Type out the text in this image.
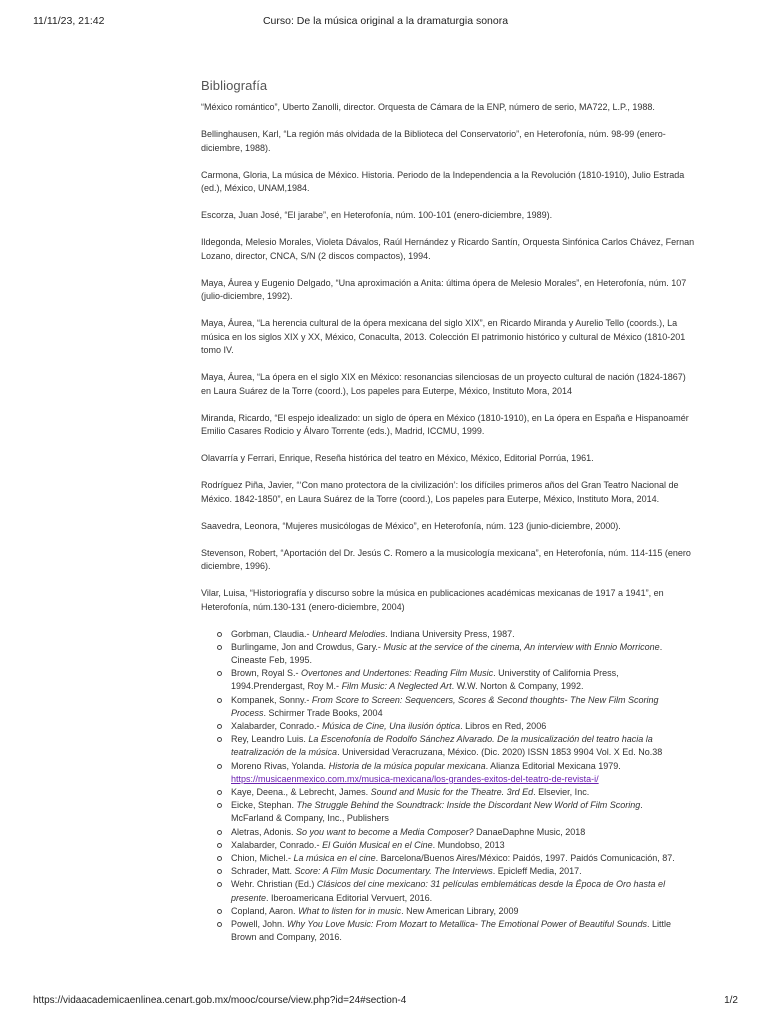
11/11/23, 21:42	Curso: De la música original a la dramaturgia sonora
Bibliografía

“México romántico”, Uberto Zanolli, director. Orquesta de Cámara de la ENP, número de serio, MA722, L.P., 1988.

Bellinghausen, Karl, “La región más olvidada de la Biblioteca del Conservatorio”, en Heterofonía, núm. 98-99 (enero-
diciembre, 1988).

Carmona, Gloria, La música de México. Historia. Periodo de la Independencia a la Revolución (1810-1910), Julio Estrada
(ed.), México, UNAM,1984.

Escorza, Juan José, “El jarabe”, en Heterofonía, núm. 100-101 (enero-diciembre, 1989).

Ildegonda, Melesio Morales, Violeta Dávalos, Raúl Hernández y Ricardo Santín, Orquesta Sinfónica Carlos Chávez, Fernan
Lozano, director, CNCA, S/N (2 discos compactos), 1994.

Maya, Áurea y Eugenio Delgado, “Una aproximación a Anita: última ópera de Melesio Morales”, en Heterofonía, núm. 107
(julio-diciembre, 1992).

Maya, Áurea, “La herencia cultural de la ópera mexicana del siglo XIX”, en Ricardo Miranda y Aurelio Tello (coords.), La
música en los siglos XIX y XX, México, Conaculta, 2013. Colección El patrimonio histórico y cultural de México (1810-201
tomo IV.

Maya, Áurea, “La ópera en el siglo XIX en México: resonancias silenciosas de un proyecto cultural de nación (1824-1867)
en Laura Suárez de la Torre (coord.), Los papeles para Euterpe, México, Instituto Mora, 2014

Miranda, Ricardo, “El espejo idealizado: un siglo de ópera en México (1810-1910), en La ópera en España e Hispanoamér
Emilio Casares Rodicio y Álvaro Torrente (eds.), Madrid, ICCMU, 1999.

Olavarría y Ferrari, Enrique, Reseña histórica del teatro en México, México, Editorial Porrúa, 1961.

Rodríguez Piña, Javier, “‘Con mano protectora de la civilización’: los difíciles primeros años del Gran Teatro Nacional de
México. 1842-1850”, en Laura Suárez de la Torre (coord.), Los papeles para Euterpe, México, Instituto Mora, 2014.

Saavedra, Leonora, “Mujeres musicólogas de México”, en Heterofonía, núm. 123 (junio-diciembre, 2000).

Stevenson, Robert, “Aportación del Dr. Jesús C. Romero a la musicología mexicana”, en Heterofonía, núm. 114-115 (enero
diciembre, 1996).

Vilar, Luisa, “Historiografía y discurso sobre la música en publicaciones académicas mexicanas de 1917 a 1941”, en
Heterofonía, núm.130-131 (enero-diciembre, 2004)

Gorbman, Claudia.- Unheard Melodies. Indiana University Press, 1987.
Burlingame, Jon and Crowdus, Gary.- Music at the service of the cinema, An interview with Ennio Morricone.
Cineaste Feb, 1995.
Brown, Royal S.- Overtones and Undertones: Reading Film Music. Universtity of California Press,
1994.Prendergast, Roy M.- Film Music: A Neglected Art. W.W. Norton & Company, 1992.
Kompanek, Sonny.- From Score to Screen: Sequencers, Scores & Second thoughts- The New Film Scoring
Process. Schirmer Trade Books, 2004
Xalabarder, Conrado.- Música de Cine, Una ilusión óptica. Libros en Red, 2006
Rey, Leandro Luis. La Escenofonía de Rodolfo Sánchez Alvarado. De la musicalización del teatro hacia la
teatralización de la música. Universidad Veracruzana, México. (Dic. 2020) ISSN 1853 9904 Vol. X Ed. No.38
Moreno Rivas, Yolanda. Historia de la música popular mexicana. Alianza Editorial Mexicana 1979.
https://musicaenmexico.com.mx/musica-mexicana/los-grandes-exitos-del-teatro-de-revista-i/
Kaye, Deena., & Lebrecht, James. Sound and Music for the Theatre. 3rd Ed. Elsevier, Inc.
Eicke, Stephan. The Struggle Behind the Soundtrack: Inside the Discordant New World of Film Scoring.
McFarland & Company, Inc., Publishers
Aletras, Adonis. So you want to become a Media Composer? DanaeDaphne Music, 2018
Xalabarder, Conrado.- El Guión Musical en el Cine. Mundobso, 2013
Chion, Michel.- La música en el cine. Barcelona/Buenos Aires/México: Paidós, 1997. Paidós Comunicación, 87.
Schrader, Matt. Score: A Film Music Documentary. The Interviews. Epicleff Media, 2017.
Wehr. Christian (Ed.) Clásicos del cine mexicano: 31 películas emblemáticas desde la Época de Oro hasta el
presente. Iberoamericana Editorial Vervuert, 2016.
Copland, Aaron. What to listen for in music. New American Library, 2009
Powell, John. Why You Love Music: From Mozart to Metallica- The Emotional Power of Beautiful Sounds. Little
Brown and Company, 2016.
https://vidaacademicaenlinea.cenart.gob.mx/mooc/course/view.php?id=24#section-4	1/2
